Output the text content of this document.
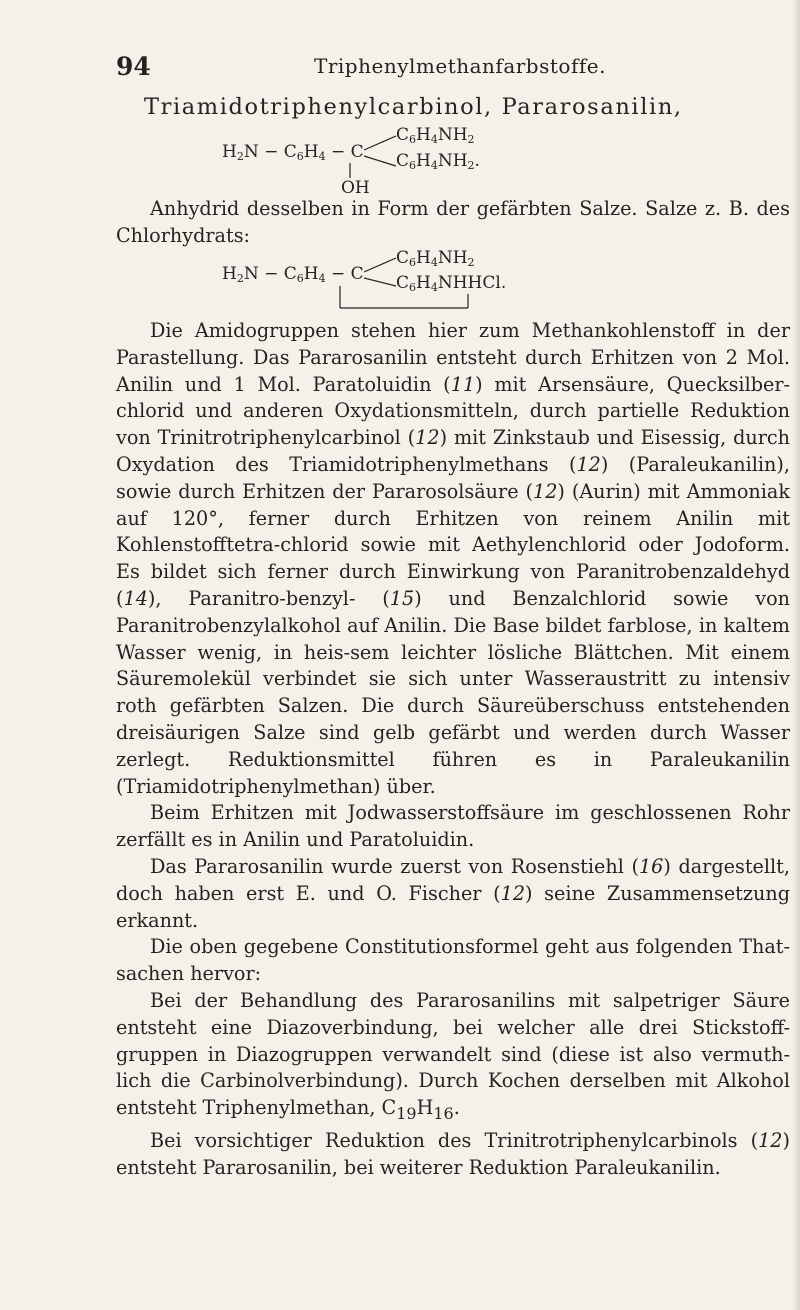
94	Triphenylmethanfarbstoffe.
Triamidotriphenylcarbinol, Pararosanilin,
$H_2N - C_6H_4 - C$
$C_6H_4NH_2$
$C_6H_4NH_2$.
OH

Anhydrid desselben in Form der gefärbten Salze. Salze z. B. des Chlorhydrats:

$H_2N - C_6H_4 - C$
$C_6H_4NH_2$
$C_6H_4NHHCl$.

Die Amidogruppen stehen hier zum Methankohlenstoff in der Parastellung. Das Pararosanilin entsteht durch Erhitzen von 2 Mol. Anilin und 1 Mol. Paratoluidin (11) mit Arsensäure, Quecksilber-chlorid und anderen Oxydationsmitteln, durch partielle Reduktion von Trinitrotriphenylcarbinol (12) mit Zinkstaub und Eisessig, durch Oxydation des Triamidotriphenylmethans (12) (Paraleukanilin), sowie durch Erhitzen der Pararosolsäure (12) (Aurin) mit Ammoniak auf 120°, ferner durch Erhitzen von reinem Anilin mit Kohlenstofftetra-chlorid sowie mit Aethylenchlorid oder Jodoform. Es bildet sich ferner durch Einwirkung von Paranitrobenzaldehyd (14), Paranitro-benzyl- (15) und Benzalchlorid sowie von Paranitrobenzylalkohol auf Anilin. Die Base bildet farblose, in kaltem Wasser wenig, in heis-sem leichter lösliche Blättchen. Mit einem Säuremolekül verbindet sie sich unter Wasseraustritt zu intensiv roth gefärbten Salzen. Die durch Säureüberschuss entstehenden dreisäurigen Salze sind gelb gefärbt und werden durch Wasser zerlegt. Reduktionsmittel führen es in Paraleukanilin (Triamidotriphenylmethan) über.

Beim Erhitzen mit Jodwasserstoffsäure im geschlossenen Rohr zerfällt es in Anilin und Paratoluidin.

Das Pararosanilin wurde zuerst von Rosenstiehl (16) dargestellt, doch haben erst E. und O. Fischer (12) seine Zusammensetzung erkannt.

Die oben gegebene Constitutionsformel geht aus folgenden That-sachen hervor:

Bei der Behandlung des Pararosanilins mit salpetriger Säure entsteht eine Diazoverbindung, bei welcher alle drei Stickstoff-gruppen in Diazogruppen verwandelt sind (diese ist also vermuth-lich die Carbinolverbindung). Durch Kochen derselben mit Alkohol entsteht Triphenylmethan, $C_{19}H_{16}$.

Bei vorsichtiger Reduktion des Trinitrotriphenylcarbinols (12) entsteht Pararosanilin, bei weiterer Reduktion Paraleukanilin.
